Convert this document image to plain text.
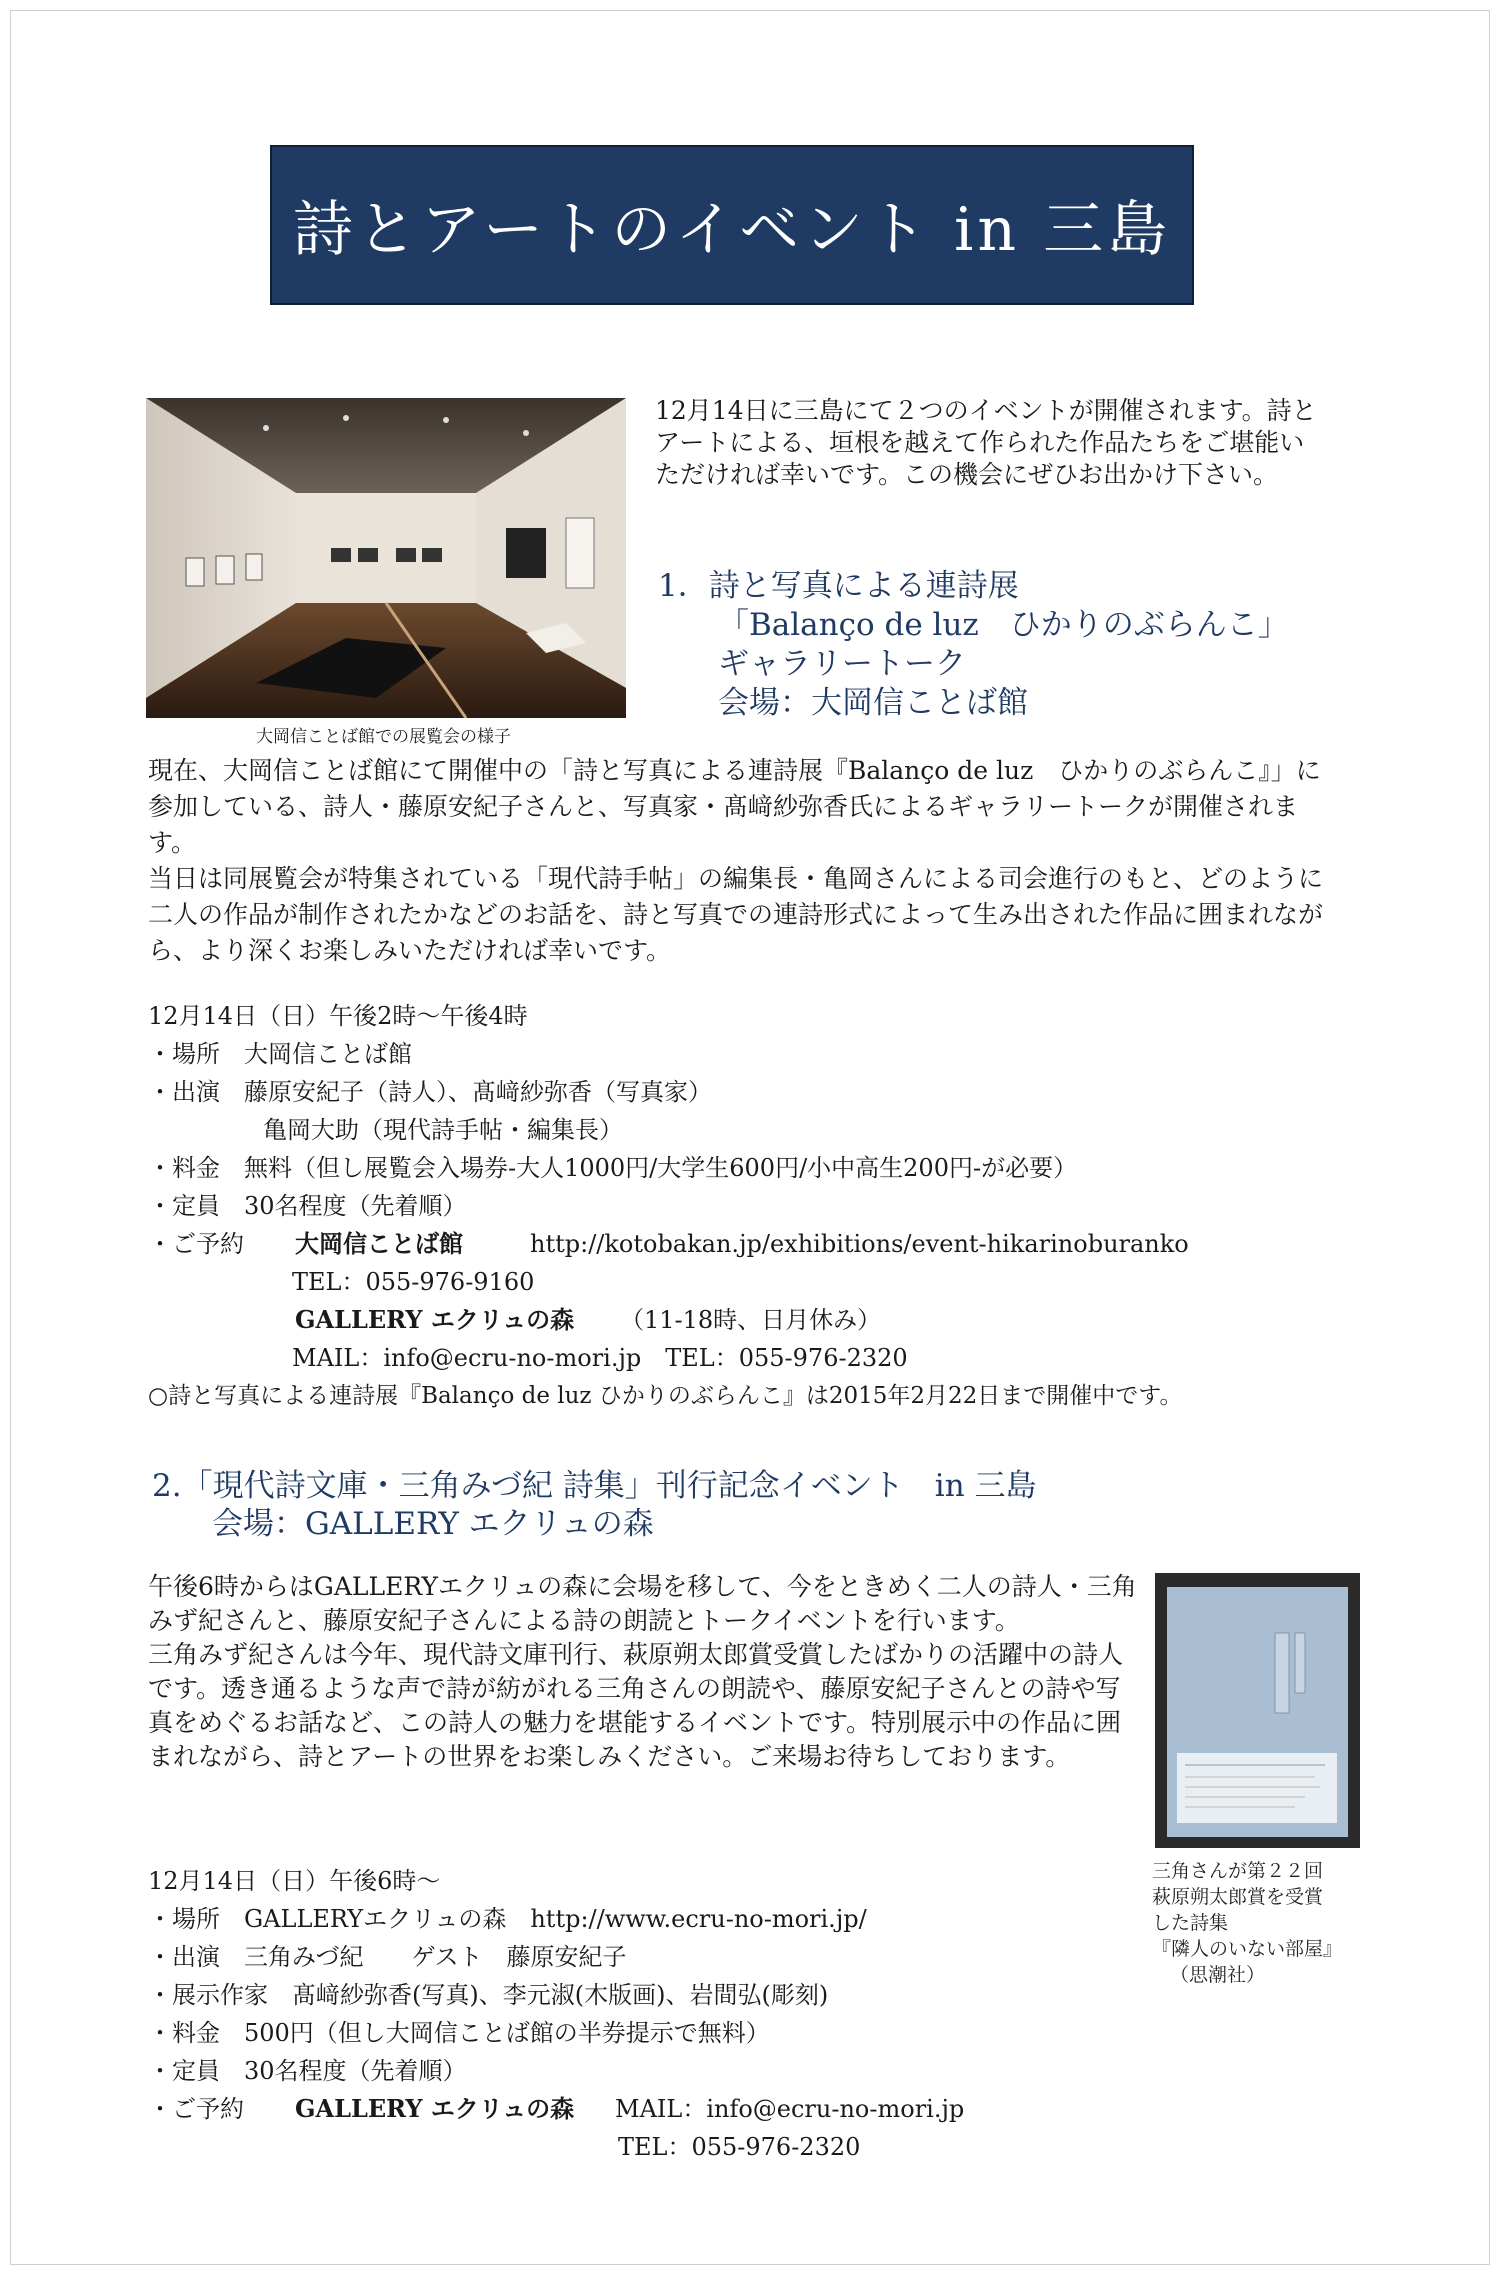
詩とアートのイベント in 三島
大岡信ことば館での展覧会の様子
12月14日に三島にて２つのイベントが開催されます。詩とアートによる、垣根を越えて作られた作品たちをご堪能いただければ幸いです。この機会にぜひお出かけ下さい。
1．詩と写真による連詩展
「Balanço de luz　ひかりのぶらんこ」
ギャラリートーク
会場：大岡信ことば館
現在、大岡信ことば館にて開催中の「詩と写真による連詩展『Balanço de luz　ひかりのぶらんこ』」に参加している、詩人・藤原安紀子さんと、写真家・髙﨑紗弥香氏によるギャラリートークが開催されます。
当日は同展覧会が特集されている「現代詩手帖」の編集長・亀岡さんによる司会進行のもと、どのように二人の作品が制作されたかなどのお話を、詩と写真での連詩形式によって生み出された作品に囲まれながら、より深くお楽しみいただければ幸いです。
12月14日（日）午後2時～午後4時
・場所　大岡信ことば館
・出演　藤原安紀子（詩人）、髙﨑紗弥香（写真家）
亀岡大助（現代詩手帖・編集長）
・料金　無料（但し展覧会入場券-大人1000円/大学生600円/小中高生200円-が必要）
・定員　30名程度（先着順）
・ご予約 大岡信ことば館	http://kotobakan.jp/exhibitions/event-hikarinoburanko
TEL：055-976-9160
GALLERY エクリュの森 （11-18時、日月休み）
MAIL：info@ecru-no-mori.jp　TEL：055-976-2320
○詩と写真による連詩展『Balanço de luz ひかりのぶらんこ』は2015年2月22日まで開催中です。
2.「現代詩文庫・三角みづ紀 詩集」刊行記念イベント　in 三島
会場：GALLERY エクリュの森
午後6時からはGALLERYエクリュの森に会場を移して、今をときめく二人の詩人・三角みず紀さんと、藤原安紀子さんによる詩の朗読とトークイベントを行います。
三角みず紀さんは今年、現代詩文庫刊行、萩原朔太郎賞受賞したばかりの活躍中の詩人です。透き通るような声で詩が紡がれる三角さんの朗読や、藤原安紀子さんとの詩や写真をめぐるお話など、この詩人の魅力を堪能するイベントです。特別展示中の作品に囲まれながら、詩とアートの世界をお楽しみください。ご来場お待ちしております。
三角さんが第２２回
萩原朔太郎賞を受賞
した詩集
『隣人のいない部屋』
（思潮社）
12月14日（日）午後6時～
・場所　GALLERYエクリュの森　http://www.ecru-no-mori.jp/
・出演　三角みづ紀　　ゲスト　藤原安紀子
・展示作家　髙﨑紗弥香(写真)、李元淑(木版画)、岩間弘(彫刻)
・料金　500円（但し大岡信ことば館の半券提示で無料）
・定員　30名程度（先着順）
・ご予約 GALLERY エクリュの森 MAIL：info@ecru-no-mori.jp
TEL：055-976-2320
